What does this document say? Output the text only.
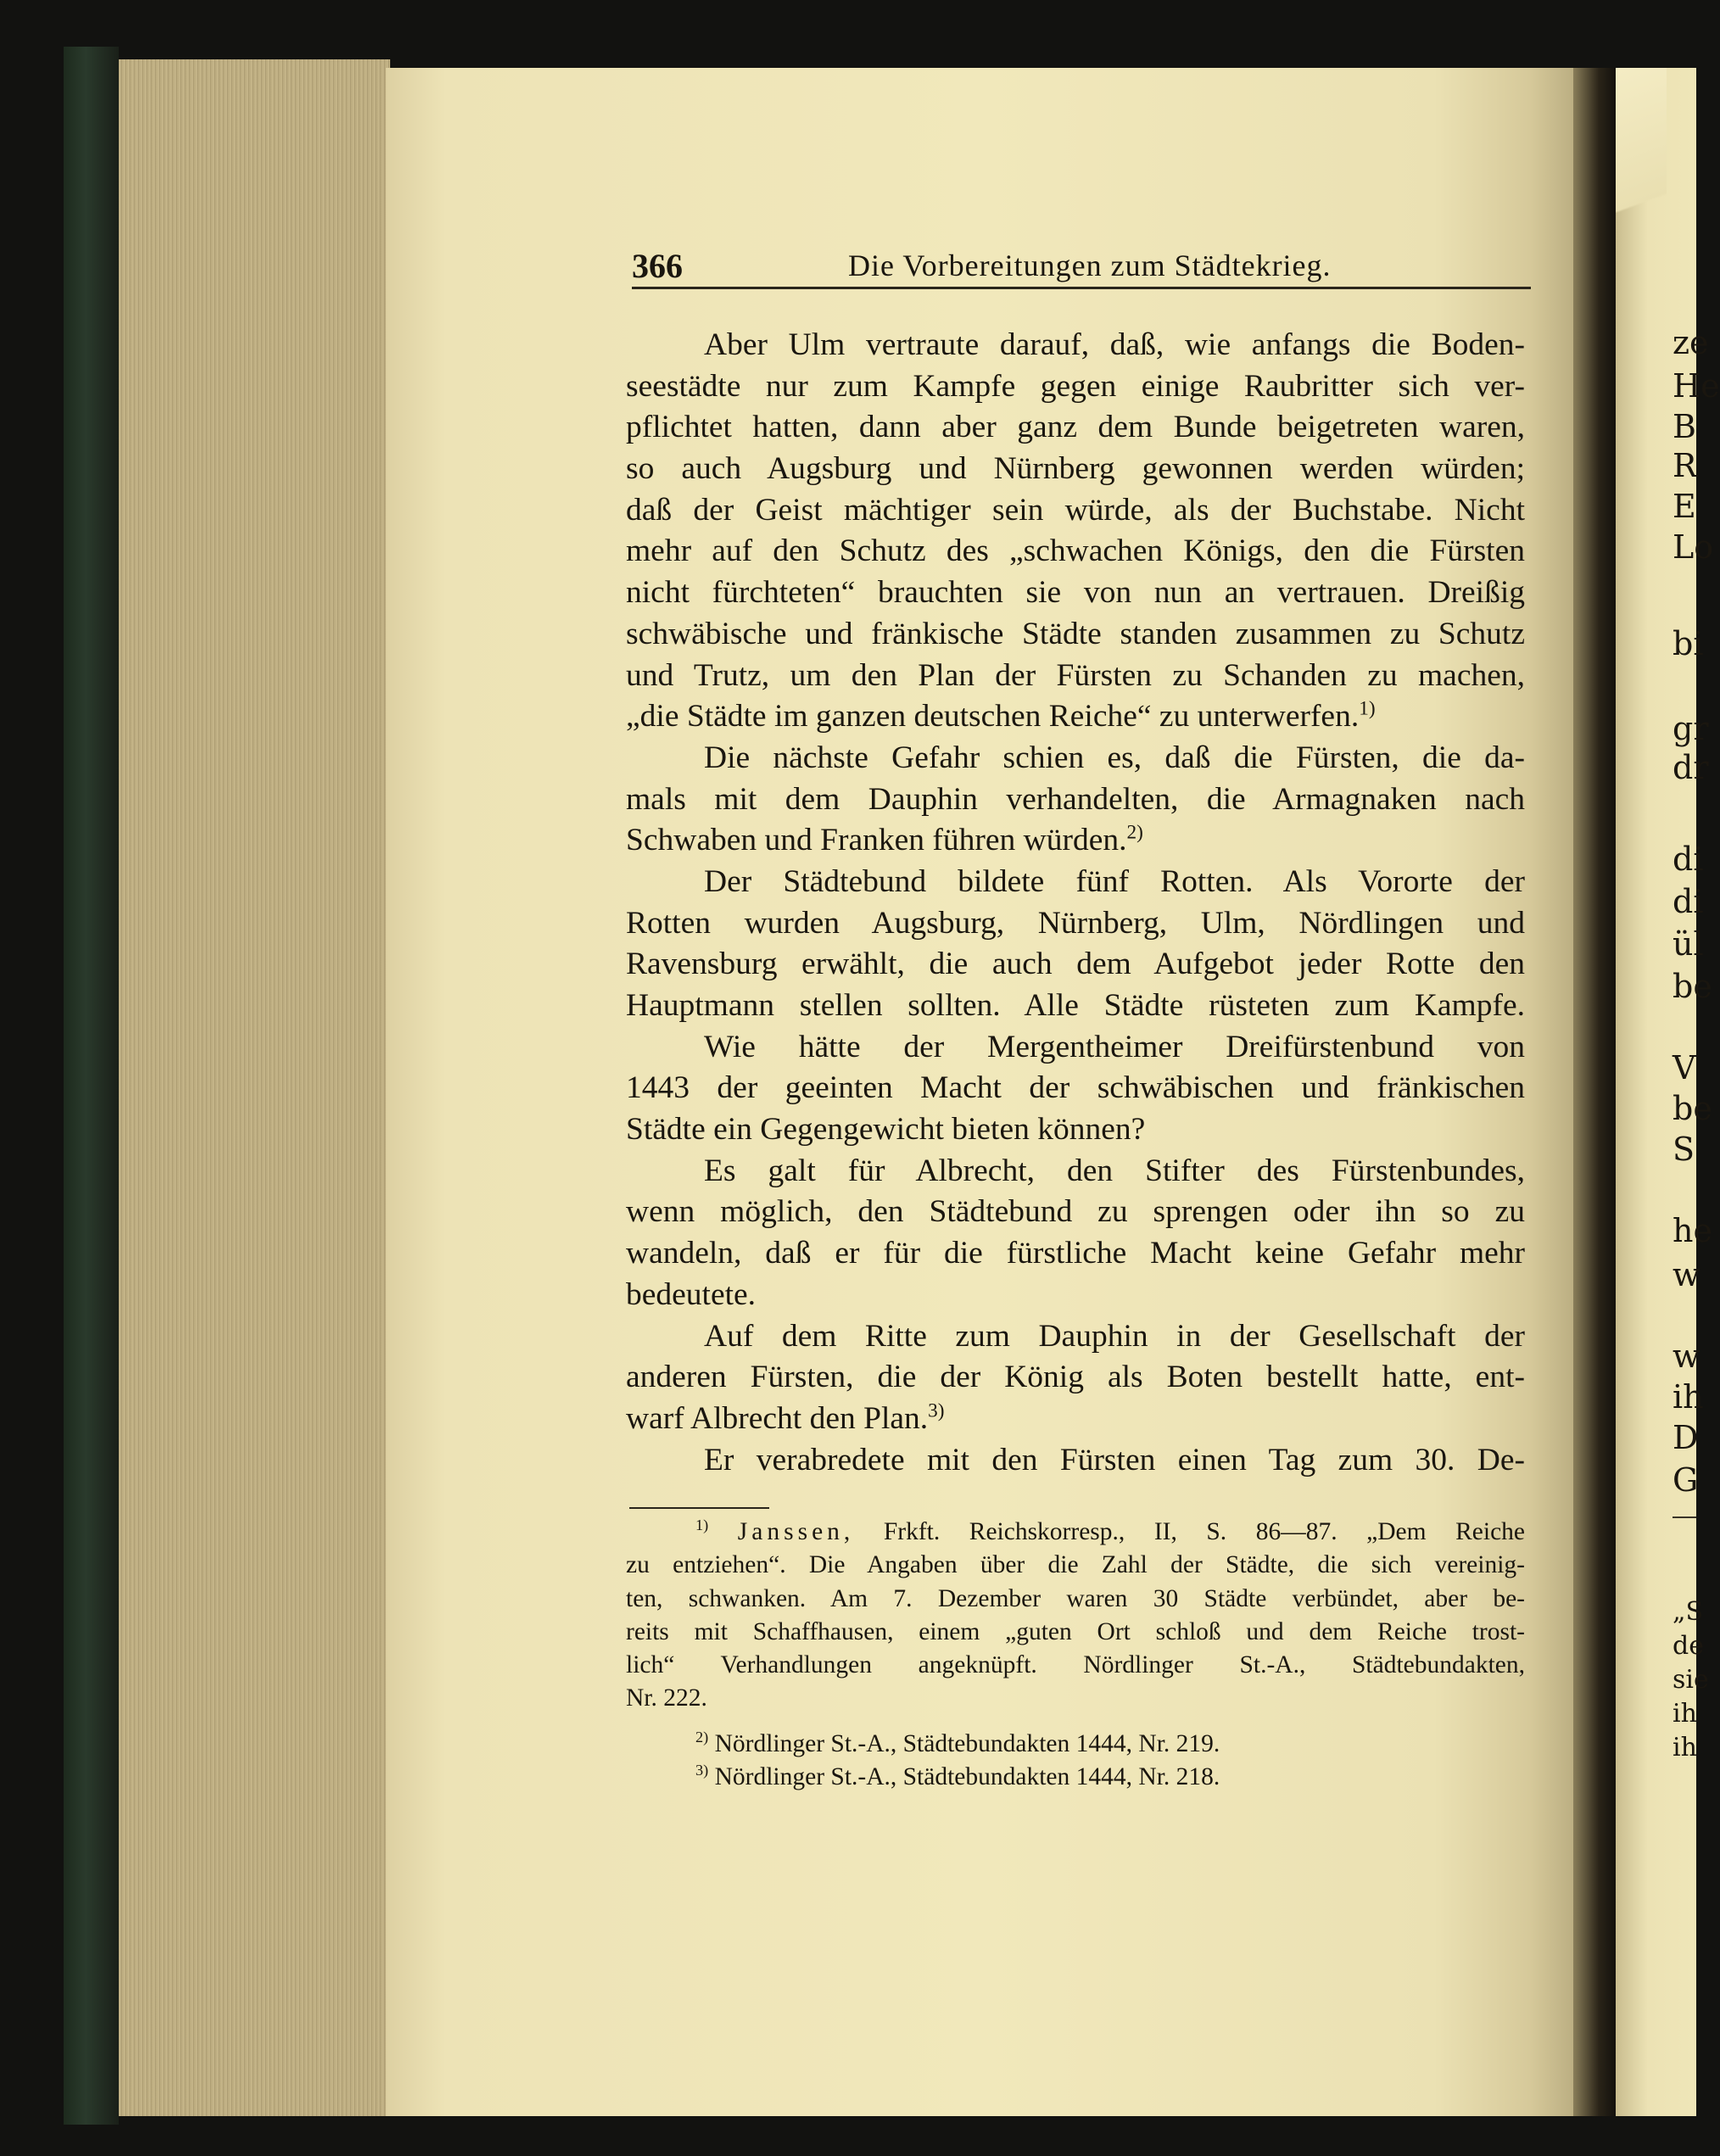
366	Die Vorbereitungen zum Städtekrieg.
Aber Ulm vertraute darauf, daß, wie anfangs die Boden-
seestädte nur zum Kampfe gegen einige Raubritter sich ver-
pflichtet hatten, dann aber ganz dem Bunde beigetreten waren,
so auch Augsburg und Nürnberg gewonnen werden würden;
daß der Geist mächtiger sein würde, als der Buchstabe. Nicht
mehr auf den Schutz des „schwachen Königs, den die Fürsten
nicht fürchteten“ brauchten sie von nun an vertrauen. Dreißig
schwäbische und fränkische Städte standen zusammen zu Schutz
und Trutz, um den Plan der Fürsten zu Schanden zu machen,
„die Städte im ganzen deutschen Reiche“ zu unterwerfen.$^{1)}$
Die nächste Gefahr schien es, daß die Fürsten, die da-
mals mit dem Dauphin verhandelten, die Armagnaken nach
Schwaben und Franken führen würden.$^{2)}$
Der Städtebund bildete fünf Rotten. Als Vororte der
Rotten wurden Augsburg, Nürnberg, Ulm, Nördlingen und
Ravensburg erwählt, die auch dem Aufgebot jeder Rotte den
Hauptmann stellen sollten. Alle Städte rüsteten zum Kampfe.
Wie hätte der Mergentheimer Dreifürstenbund von
1443 der geeinten Macht der schwäbischen und fränkischen
Städte ein Gegengewicht bieten können?
Es galt für Albrecht, den Stifter des Fürstenbundes,
wenn möglich, den Städtebund zu sprengen oder ihn so zu
wandeln, daß er für die fürstliche Macht keine Gefahr mehr
bedeutete.
Auf dem Ritte zum Dauphin in der Gesellschaft der
anderen Fürsten, die der König als Boten bestellt hatte, ent-
warf Albrecht den Plan.$^{3)}$
Er verabredete mit den Fürsten einen Tag zum 30. De-
$^{1)}$ Janssen, Frkft. Reichskorresp., II, S. 86—87. „Dem Reiche
zu entziehen“. Die Angaben über die Zahl der Städte, die sich vereinig-
ten, schwanken. Am 7. Dezember waren 30 Städte verbündet, aber be-
reits mit Schaffhausen, einem „guten Ort schloß und dem Reiche trost-
lich“ Verhandlungen angeknüpft. Nördlinger St.-A., Städtebundakten,
Nr. 222.
$^{2)}$ Nördlinger St.-A., Städtebundakten 1444, Nr. 219.
$^{3)}$ Nördlinger St.-A., Städtebundakten 1444, Nr. 218.
ze
He
B
R
E
Lo
bi
gr
dr
di
di
ül
be
V
be
S
he
w
w
ih
D
G
„S
de
sie
ih
ih
